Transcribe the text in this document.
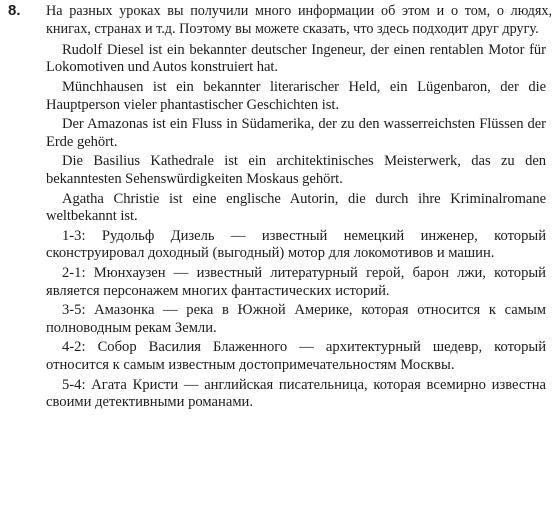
8. На разных уроках вы получили много информации об этом и о том, о людях, книгах, странах и т.д. Поэтому вы можете сказать, что здесь подходит друг другу.
Rudolf Diesel ist ein bekannter deutscher Ingeneur, der einen rentablen Motor für Lokomotiven und Autos konstruiert hat.
Münchhausen ist ein bekannter literarischer Held, ein Lügenbaron, der die Hauptperson vieler phantastischer Geschichten ist.
Der Amazonas ist ein Fluss in Südamerika, der zu den wasserreichsten Flüssen der Erde gehört.
Die Basilius Kathedrale ist ein architektinisches Meisterwerk, das zu den bekanntesten Sehenswürdigkeiten Moskaus gehört.
Agatha Christie ist eine englische Autorin, die durch ihre Kriminalromane weltbekannt ist.
1-3: Рудольф Дизель — известный немецкий инженер, который сконструировал доходный (выгодный) мотор для локомотивов и машин.
2-1: Мюнхаузен — известный литературный герой, барон лжи, который является персонажем многих фантастических историй.
3-5: Амазонка — река в Южной Америке, которая относится к самым полноводным рекам Земли.
4-2: Собор Василия Блаженного — архитектурный шедевр, который относится к самым известным достопримечательностям Москвы.
5-4: Агата Кристи — английская писательница, которая всемирно известна своими детективными романами.
